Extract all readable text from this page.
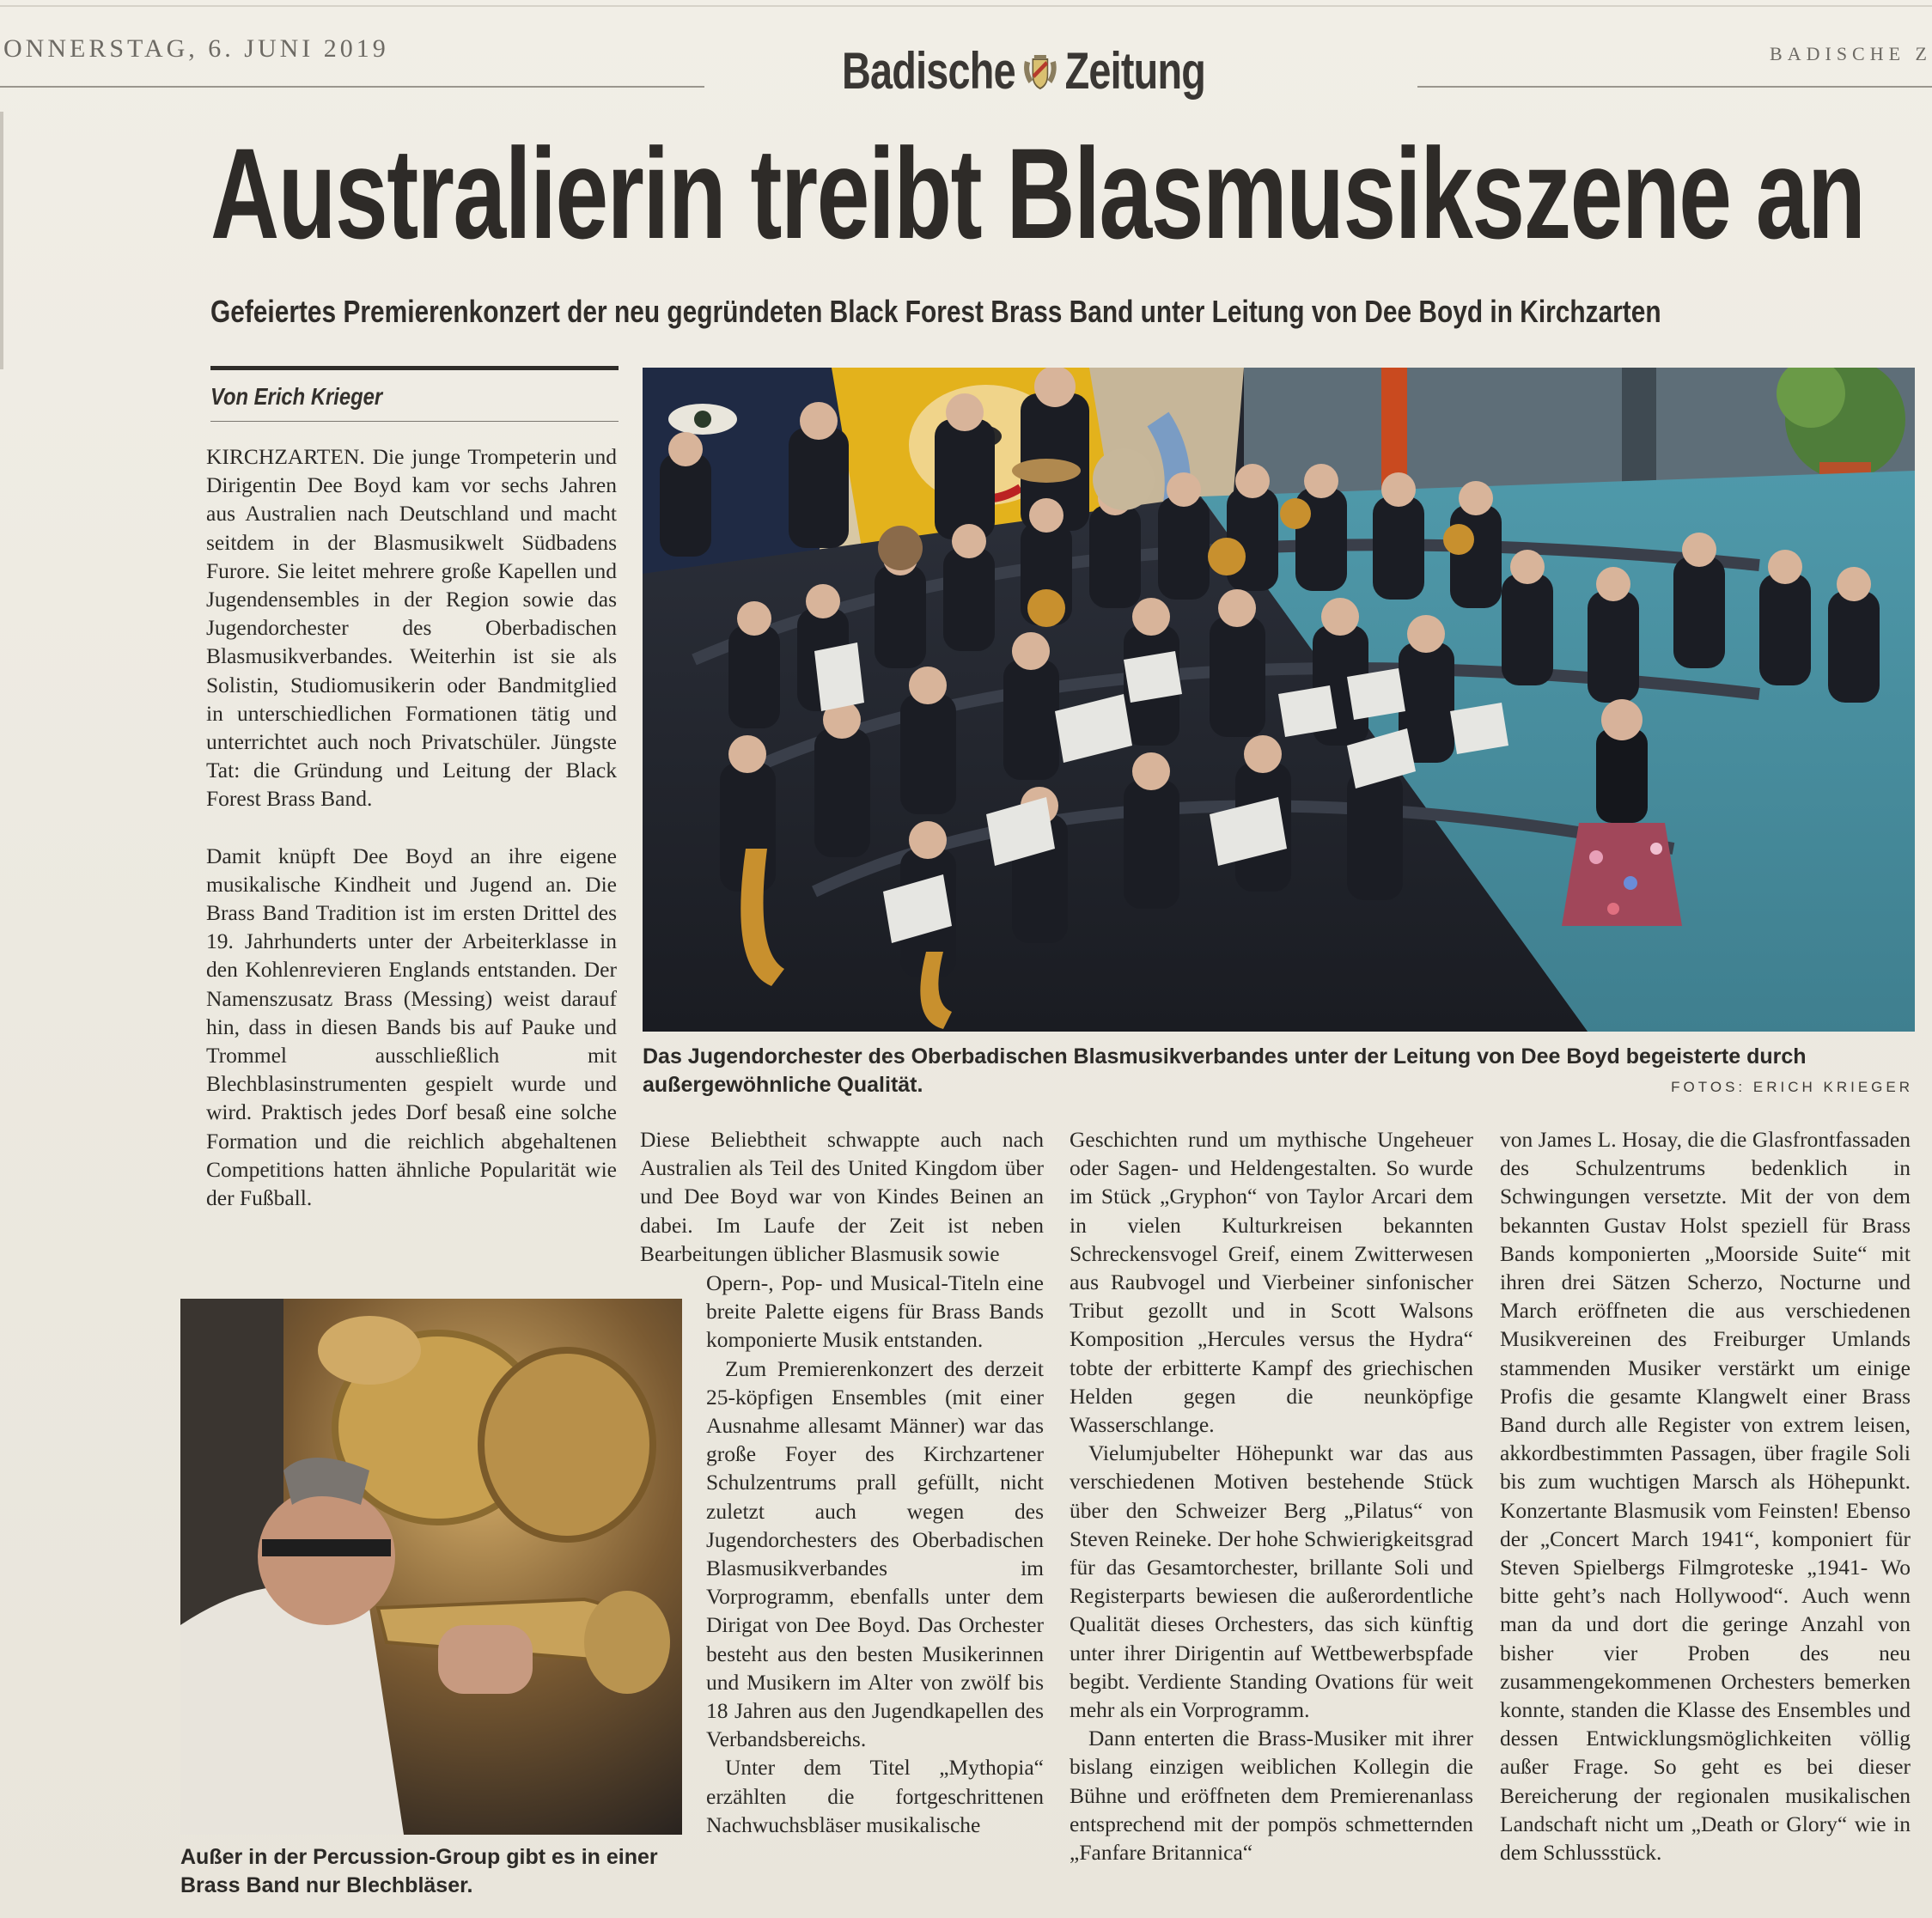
ONNERSTAG, 6. JUNI 2019	Badische Zeitung	BADISCHE Z
Australierin treibt Blasmusikszene an
Gefeiertes Premierenkonzert der neu gegründeten Black Forest Brass Band unter Leitung von Dee Boyd in Kirchzarten
Von Erich Krieger

KIRCHZARTEN. Die junge Trompeterin und Dirigentin Dee Boyd kam vor sechs Jahren aus Australien nach Deutschland und macht seitdem in der Blasmusikwelt Südbadens Furore. Sie leitet mehrere große Kapellen und Jugendensembles in der Region sowie das Jugendorchester des Oberbadischen Blasmusikverbandes. Weiterhin ist sie als Solistin, Studiomusikerin oder Bandmitglied in unterschiedlichen Formationen tätig und unterrichtet auch noch Privatschüler. Jüngste Tat: die Gründung und Leitung der Black Forest Brass Band.

Damit knüpft Dee Boyd an ihre eigene musikalische Kindheit und Jugend an. Die Brass Band Tradition ist im ersten Drittel des 19. Jahrhunderts unter der Arbeiterklasse in den Kohlenrevieren Englands entstanden. Der Namenszusatz Brass (Messing) weist darauf hin, dass in diesen Bands bis auf Pauke und Trommel ausschließlich mit Blechblasinstrumenten gespielt wurde und wird. Praktisch jedes Dorf besaß eine solche Formation und die reichlich abgehaltenen Competitions hatten ähnliche Popularität wie der Fußball.

Das Jugendorchester des Oberbadischen Blasmusikverbandes unter der Leitung von Dee Boyd begeisterte durch außergewöhnliche Qualität.	FOTOS: ERICH KRIEGER

Diese Beliebtheit schwappte auch nach Australien als Teil des United Kingdom über und Dee Boyd war von Kindes Beinen an dabei. Im Laufe der Zeit ist neben Bearbeitungen üblicher Blasmusik sowie

Außer in der Percussion-Group gibt es in einer Brass Band nur Blechbläser.

Opern-, Pop- und Musical-Titeln eine breite Palette eigens für Brass Bands komponierte Musik entstanden.

Zum Premierenkonzert des derzeit 25-köpfigen Ensembles (mit einer Ausnahme allesamt Männer) war das große Foyer des Kirchzartener Schulzentrums prall gefüllt, nicht zuletzt auch wegen des Jugendorchesters des Oberbadischen Blasmusikverbandes im Vorprogramm, ebenfalls unter dem Dirigat von Dee Boyd. Das Orchester besteht aus den besten Musikerinnen und Musikern im Alter von zwölf bis 18 Jahren aus den Jugendkapellen des Verbandsbereichs.

Unter dem Titel „Mythopia“ erzählten die fortgeschrittenen Nachwuchsbläser musikalische

Geschichten rund um mythische Ungeheuer oder Sagen- und Heldengestalten. So wurde im Stück „Gryphon“ von Taylor Arcari dem in vielen Kulturkreisen bekannten Schreckensvogel Greif, einem Zwitterwesen aus Raubvogel und Vierbeiner sinfonischer Tribut gezollt und in Scott Walsons Komposition „Hercules versus the Hydra“ tobte der erbitterte Kampf des griechischen Helden gegen die neunköpfige Wasserschlange.

Vielumjubelter Höhepunkt war das aus verschiedenen Motiven bestehende Stück über den Schweizer Berg „Pilatus“ von Steven Reineke. Der hohe Schwierigkeitsgrad für das Gesamtorchester, brillante Soli und Registerparts bewiesen die außerordentliche Qualität dieses Orchesters, das sich künftig unter ihrer Dirigentin auf Wettbewerbspfade begibt. Verdiente Standing Ovations für weit mehr als ein Vorprogramm.

Dann enterten die Brass-Musiker mit ihrer bislang einzigen weiblichen Kollegin die Bühne und eröffneten dem Premierenanlass entsprechend mit der pompös schmetternden „Fanfare Britannica“

von James L. Hosay, die die Glasfrontfassaden des Schulzentrums bedenklich in Schwingungen versetzte. Mit der von dem bekannten Gustav Holst speziell für Brass Bands komponierten „Moorside Suite“ mit ihren drei Sätzen Scherzo, Nocturne und March eröffneten die aus verschiedenen Musikvereinen des Freiburger Umlands stammenden Musiker verstärkt um einige Profis die gesamte Klangwelt einer Brass Band durch alle Register von extrem leisen, akkordbestimmten Passagen, über fragile Soli bis zum wuchtigen Marsch als Höhepunkt. Konzertante Blasmusik vom Feinsten! Ebenso der „Concert March 1941“, komponiert für Steven Spielbergs Filmgroteske „1941- Wo bitte geht’s nach Hollywood“. Auch wenn man da und dort die geringe Anzahl von bisher vier Proben des neu zusammengekommenen Orchesters bemerken konnte, standen die Klasse des Ensembles und dessen Entwicklungsmöglichkeiten völlig außer Frage. So geht es bei dieser Bereicherung der regionalen musikalischen Landschaft nicht um „Death or Glory“ wie in dem Schlussstück.
